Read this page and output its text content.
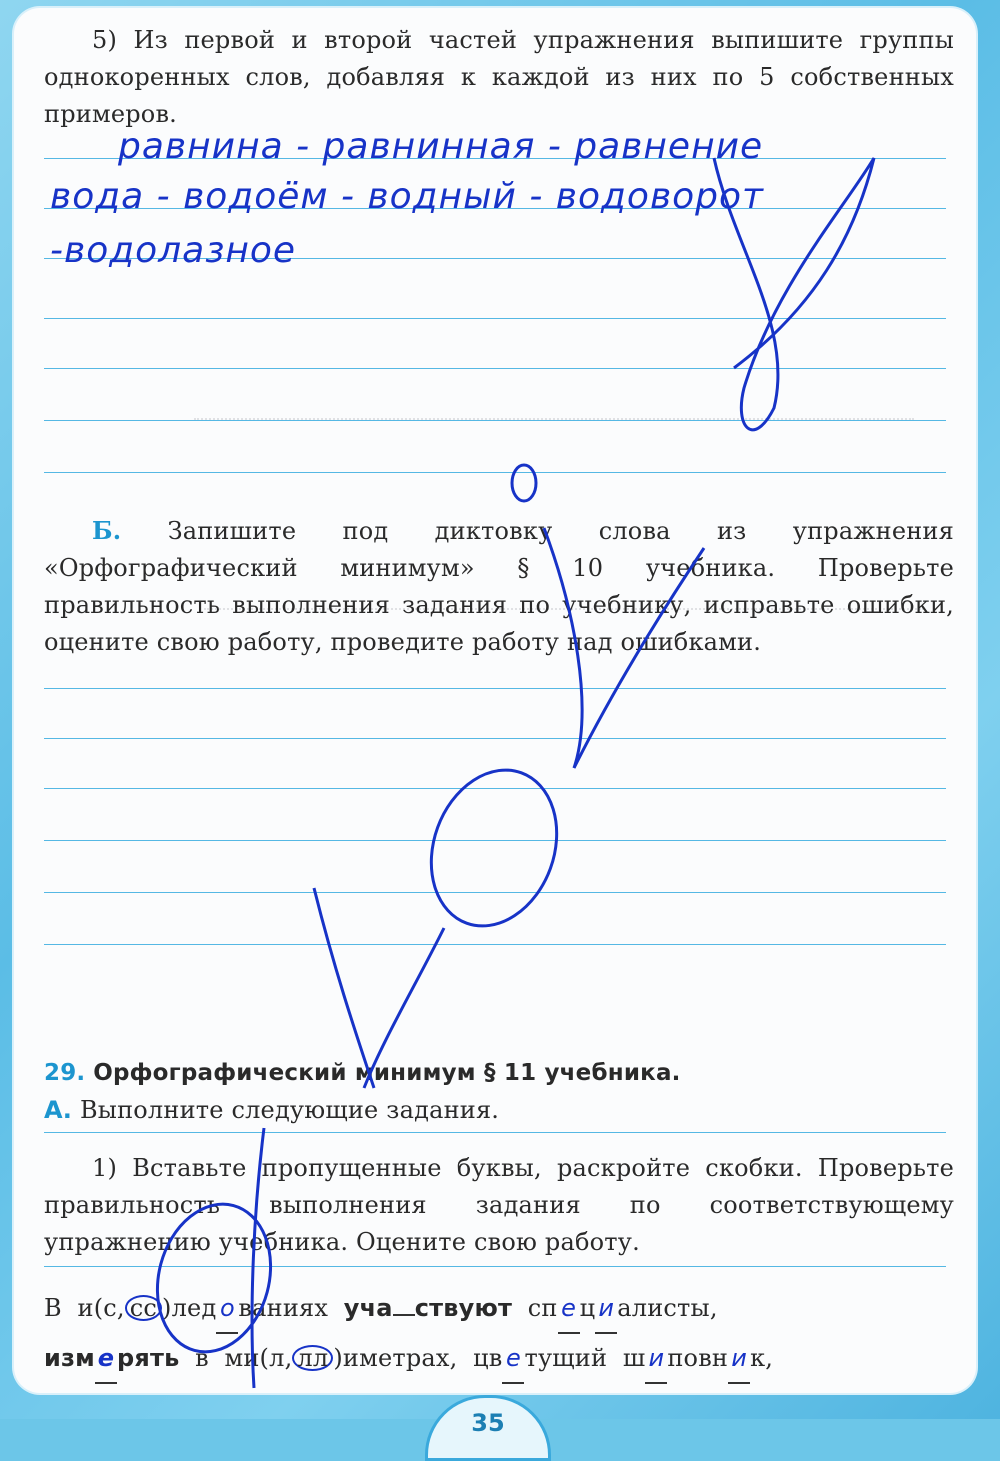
5) Из первой и второй частей упражнения выпишите группы однокоренных слов, добавляя к каждой из них по 5 собственных примеров.
равнина - равнинная - равнение
вода - водоём - водный - водоворот
-водолазное
Б. Запишите под диктовку слова из упражнения «Орфографический минимум» § 10 учебника. Проверьте правильность выполнения задания по учебнику, исправьте ошибки, оцените свою работу, проведите работу над ошибками.
29. Орфографический минимум § 11 учебника.
А. Выполните следующие задания.
1) Вставьте пропущенные буквы, раскройте скобки. Проверьте правильность выполнения задания по соответствующему упражнению учебника. Оцените свою работу.
В  и(с, сс )лед о ваниях  уча ствуют  сп е ц и алисты,
изм е рять  в  ми(л, лл )иметрах,  цв е тущий  ш и повн и к,
35
